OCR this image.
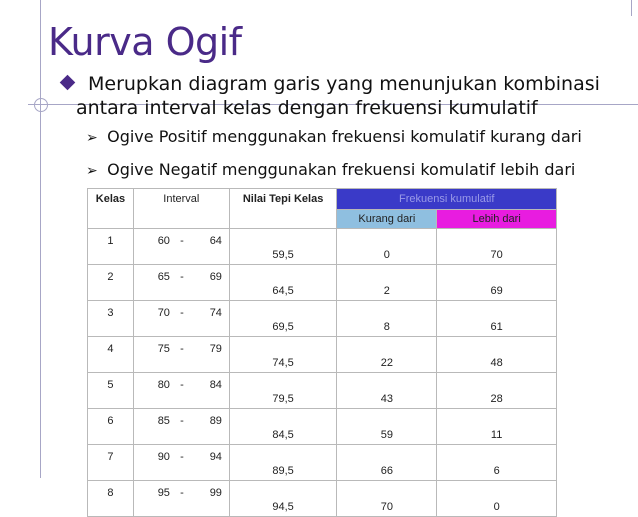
Kurva Ogif
Merupkan diagram garis yang menunjukan kombinasi
antara interval kelas dengan frekuensi kumulatif
➢ Ogive Positif menggunakan frekuensi komulatif kurang dari
➢ Ogive Negatif menggunakan frekuensi komulatif lebih dari
Kelas	Interval	Nilai Tepi Kelas	Frekuensi kumulatif	
			Kurang dari	Lebih dari
1	60 - 64	59,5	0	70
2	65 - 69	64,5	2	69
3	70 - 74	69,5	8	61
4	75 - 79	74,5	22	48
5	80 - 84	79,5	43	28
6	85 - 89	84,5	59	11
7	90 - 94	89,5	66	6
8	95 - 99	94,5	70	0
